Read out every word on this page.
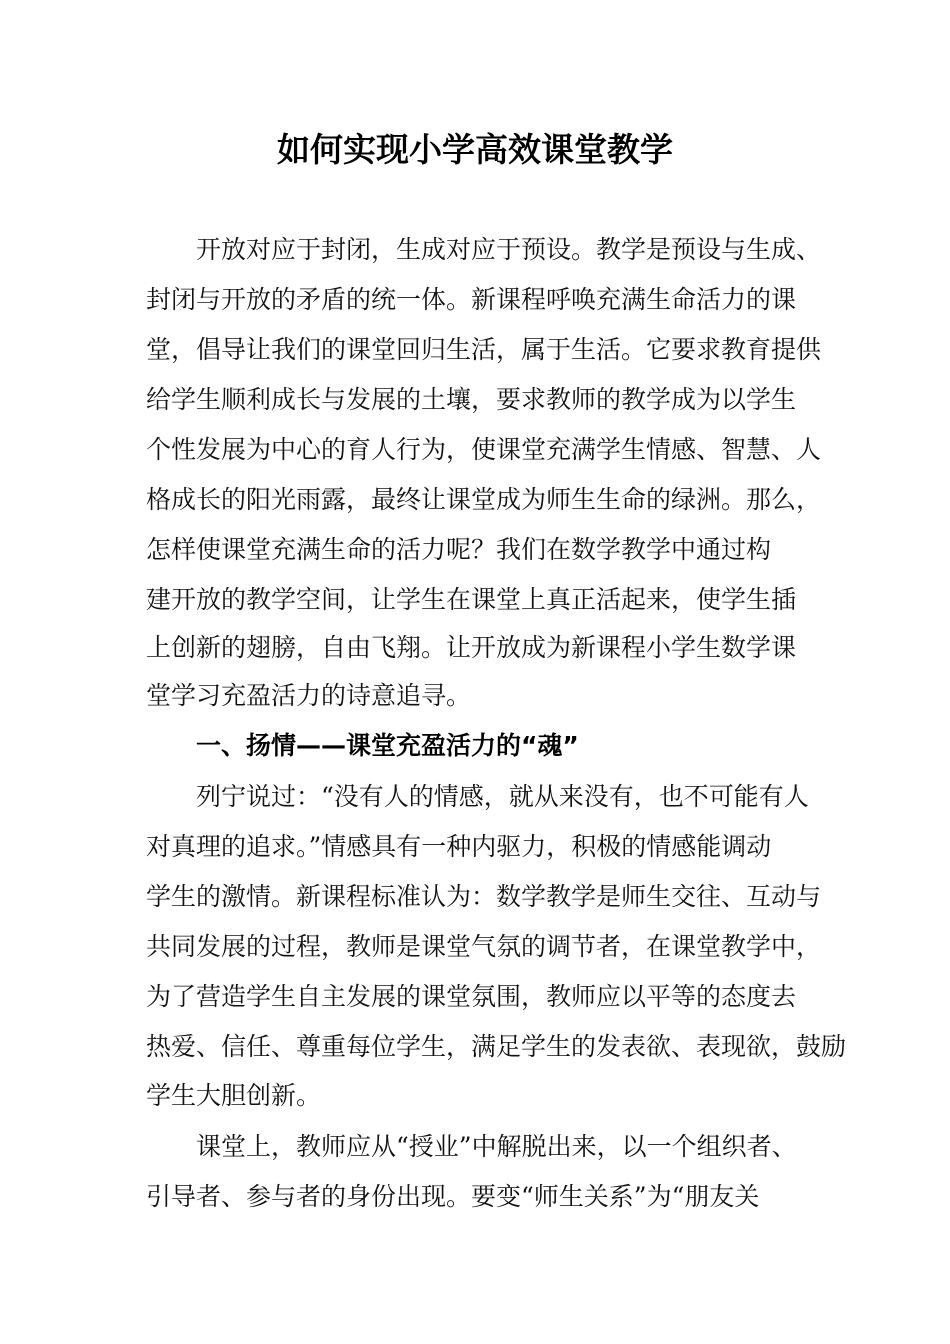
如何实现小学高效课堂教学
　　开放对应于封闭，生成对应于预设。教学是预设与生成、
封闭与开放的矛盾的统一体。新课程呼唤充满生命活力的课
堂，倡导让我们的课堂回归生活，属于生活。它要求教育提供
给学生顺利成长与发展的土壤，要求教师的教学成为以学生
个性发展为中心的育人行为，使课堂充满学生情感、智慧、人
格成长的阳光雨露，最终让课堂成为师生生命的绿洲。那么，
怎样使课堂充满生命的活力呢？我们在数学教学中通过构
建开放的教学空间，让学生在课堂上真正活起来，使学生插
上创新的翅膀，自由飞翔。让开放成为新课程小学生数学课
堂学习充盈活力的诗意追寻。
　　一、扬情——课堂充盈活力的“魂”
　　列宁说过：“没有人的情感，就从来没有，也不可能有人
对真理的追求。”情感具有一种内驱力，积极的情感能调动
学生的激情。新课程标准认为：数学教学是师生交往、互动与
共同发展的过程，教师是课堂气氛的调节者，在课堂教学中，
为了营造学生自主发展的课堂氛围，教师应以平等的态度去
热爱、信任、尊重每位学生，满足学生的发表欲、表现欲，鼓励
学生大胆创新。
　　课堂上，教师应从“授业”中解脱出来，以一个组织者、
引导者、参与者的身份出现。要变“师生关系”为“朋友关
